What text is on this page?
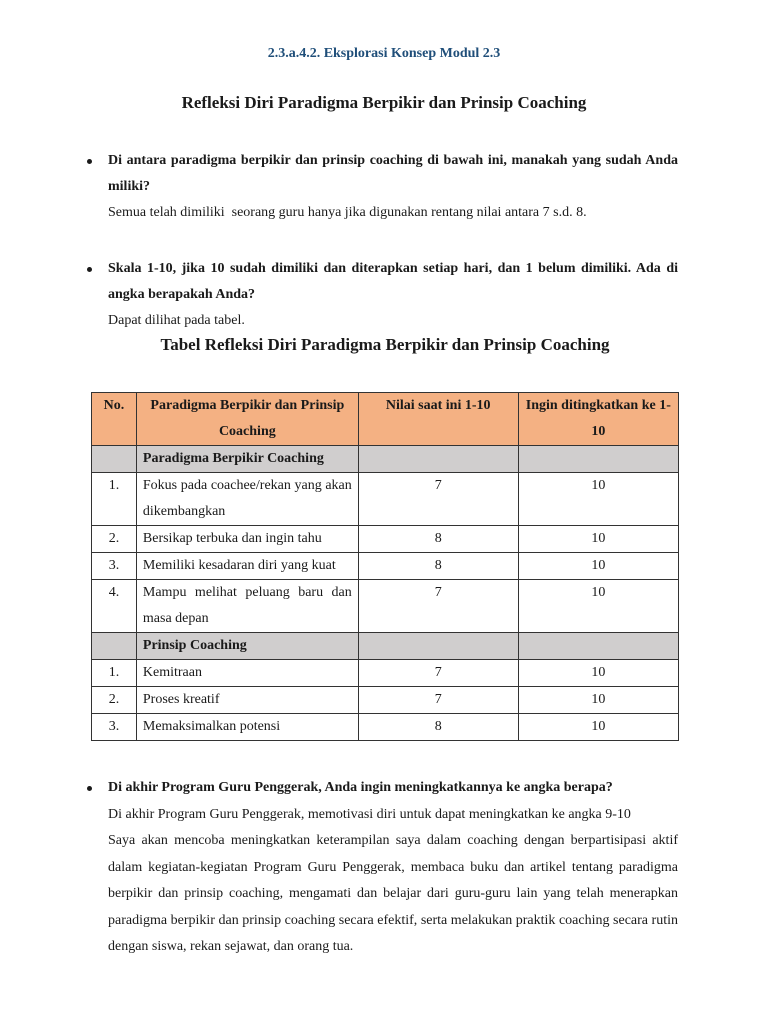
2.3.a.4.2. Eksplorasi Konsep Modul 2.3
Refleksi Diri Paradigma Berpikir dan Prinsip Coaching
Di antara paradigma berpikir dan prinsip coaching di bawah ini, manakah yang sudah Anda miliki?
Semua telah dimiliki  seorang guru hanya jika digunakan rentang nilai antara 7 s.d. 8.
Skala 1-10, jika 10 sudah dimiliki dan diterapkan setiap hari, dan 1 belum dimiliki. Ada di angka berapakah Anda?
Dapat dilihat pada tabel.
Tabel Refleksi Diri Paradigma Berpikir dan Prinsip Coaching
No.	Paradigma Berpikir dan Prinsip Coaching	Nilai saat ini 1-10	Ingin ditingkatkan ke 1-10
	Paradigma Berpikir Coaching		
1.	Fokus pada coachee/rekan yang akan dikembangkan	7	10
2.	Bersikap terbuka dan ingin tahu	8	10
3.	Memiliki kesadaran diri yang kuat	8	10
4.	Mampu melihat peluang baru dan masa depan	7	10
	Prinsip Coaching		
1.	Kemitraan	7	10
2.	Proses kreatif	7	10
3.	Memaksimalkan potensi	8	10
Di akhir Program Guru Penggerak, Anda ingin meningkatkannya ke angka berapa?
Di akhir Program Guru Penggerak, memotivasi diri untuk dapat meningkatkan ke angka 9-10
Saya akan mencoba meningkatkan keterampilan saya dalam coaching dengan berpartisipasi aktif dalam kegiatan-kegiatan Program Guru Penggerak, membaca buku dan artikel tentang paradigma berpikir dan prinsip coaching, mengamati dan belajar dari guru-guru lain yang telah menerapkan paradigma berpikir dan prinsip coaching secara efektif, serta melakukan praktik coaching secara rutin dengan siswa, rekan sejawat, dan orang tua.
